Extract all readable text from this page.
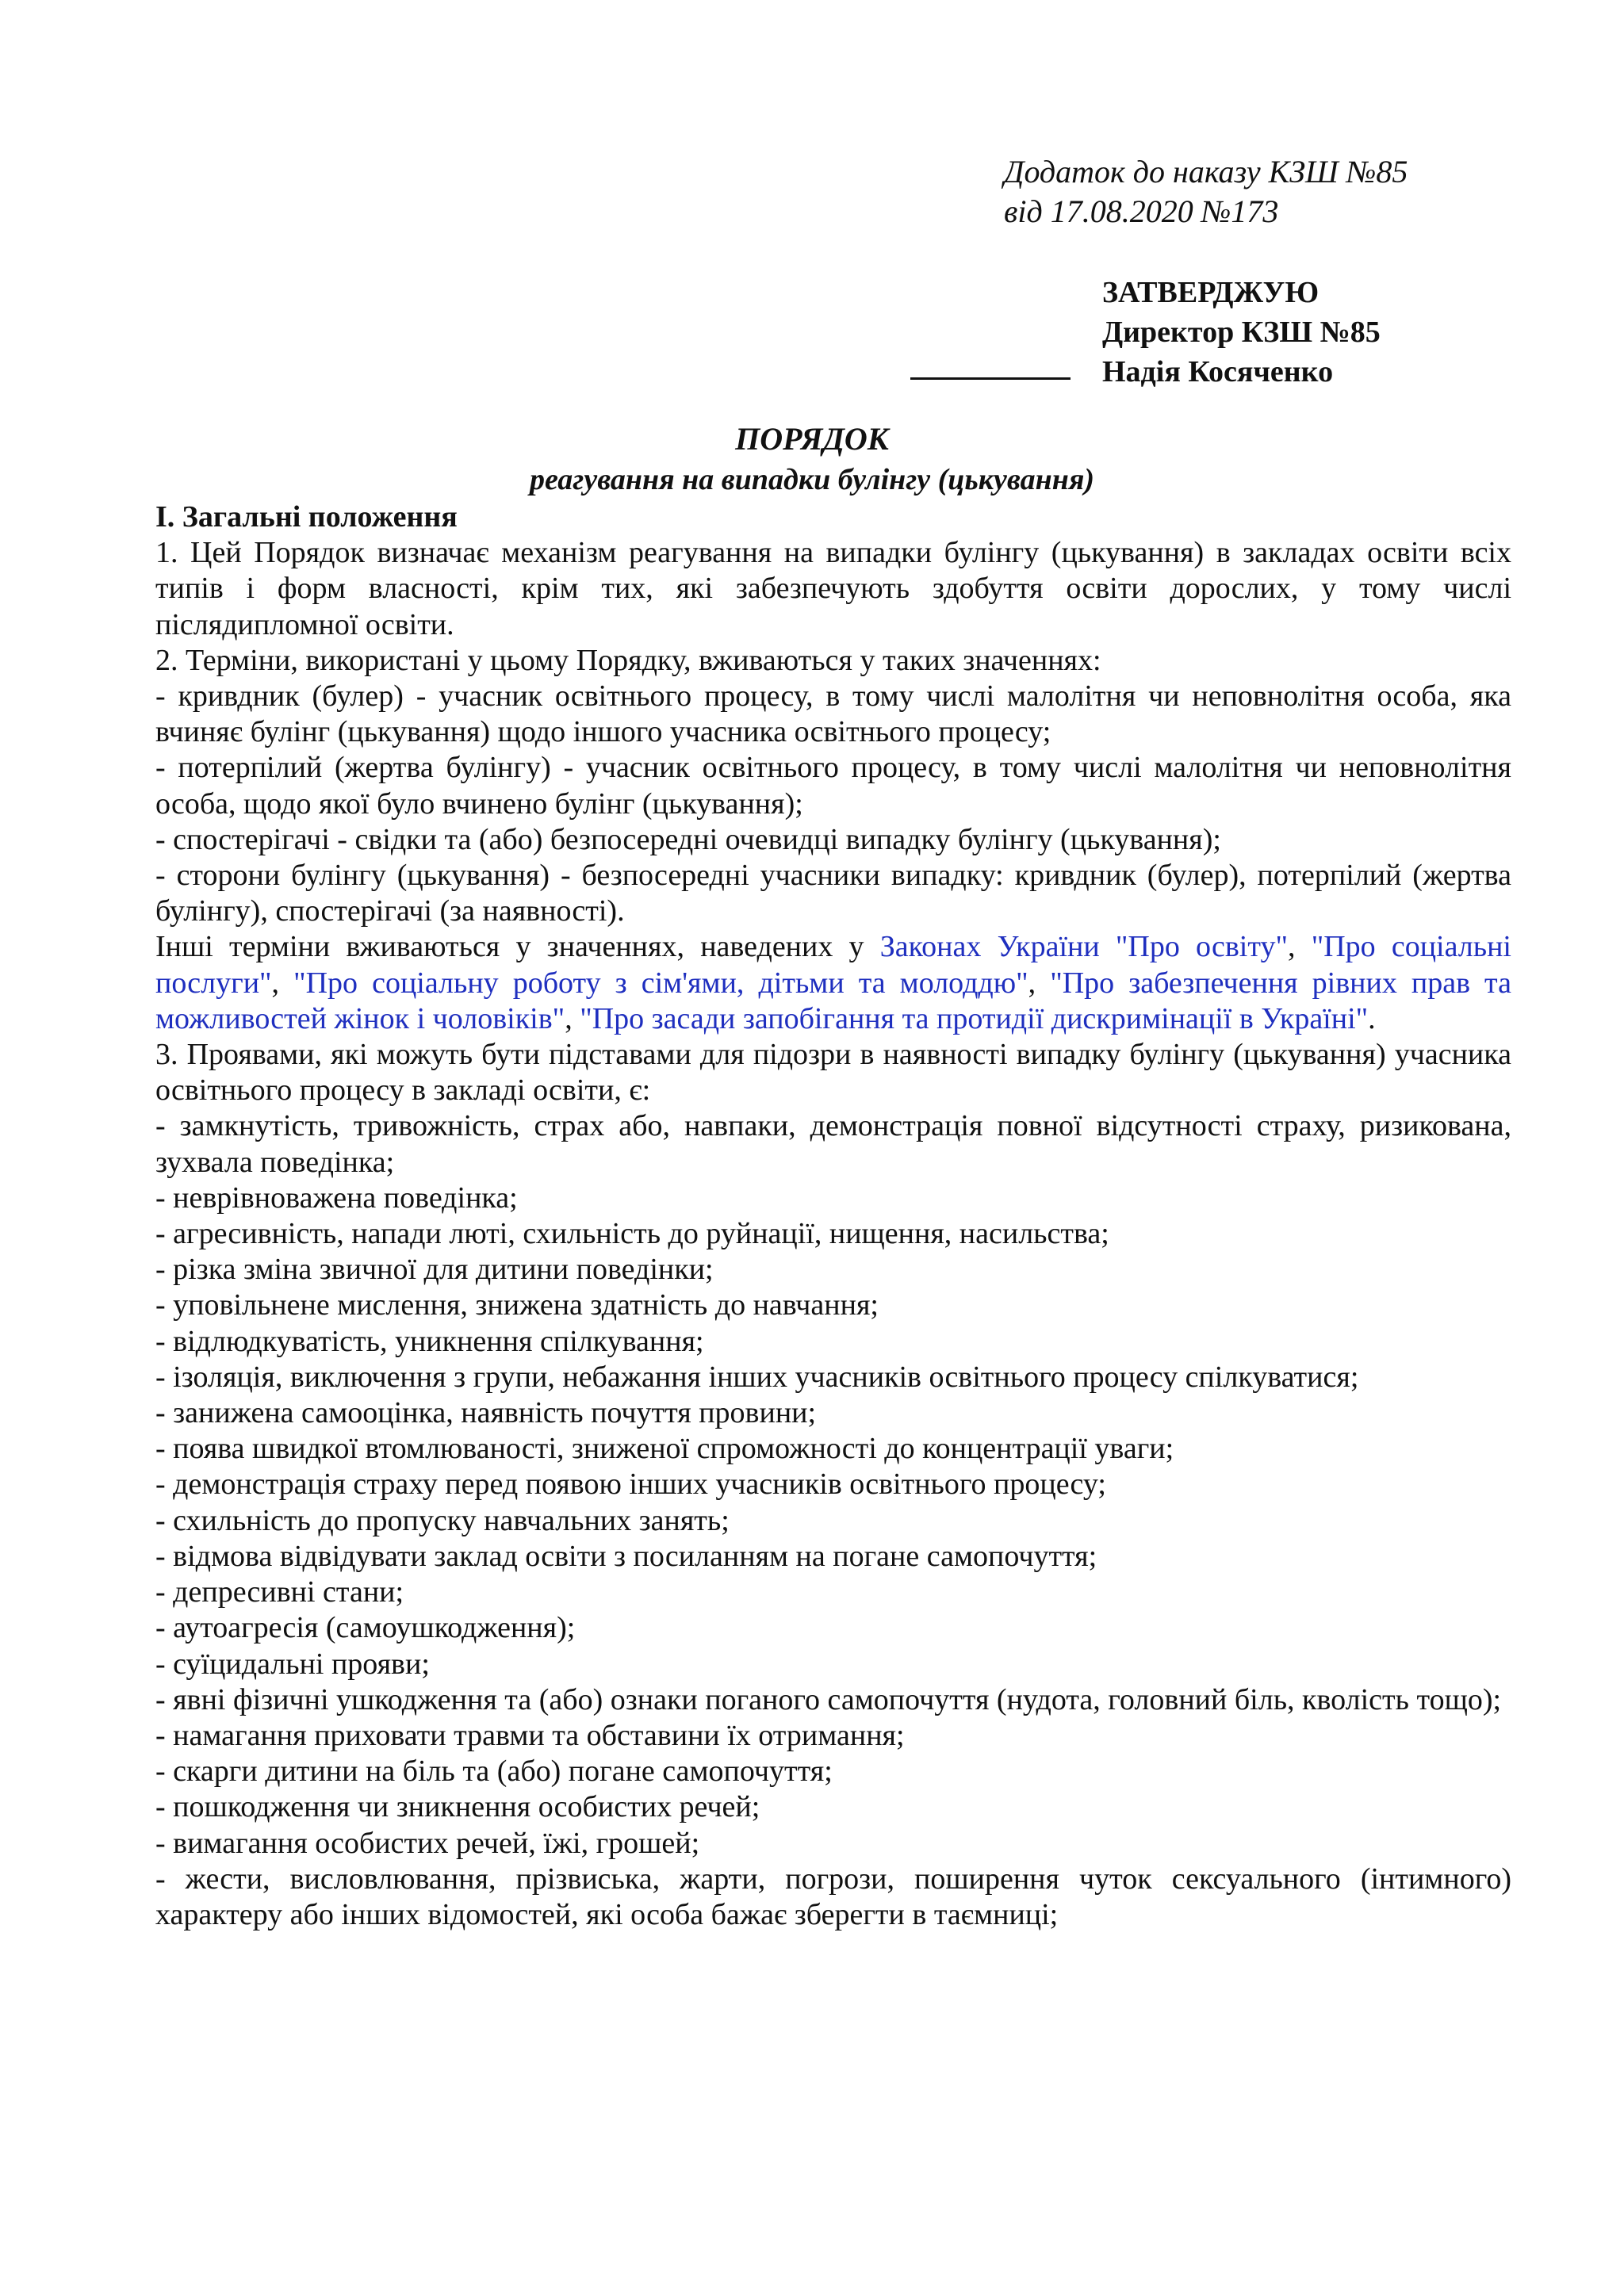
Додаток до наказу КЗШ №85
від 17.08.2020 №173
ЗАТВЕРДЖУЮ
Директор КЗШ №85
Надія Косяченко
ПОРЯДОК
реагування на випадки булінгу (цькування)

І. Загальні положення

1. Цей Порядок визначає механізм реагування на випадки булінгу (цькування) в закладах освіти всіх типів і форм власності, крім тих, які забезпечують здобуття освіти дорослих, у тому числі післядипломної освіти.

2. Терміни, використані у цьому Порядку, вживаються у таких значеннях:

- кривдник (булер) - учасник освітнього процесу, в тому числі малолітня чи неповнолітня особа, яка вчиняє булінг (цькування) щодо іншого учасника освітнього процесу;

- потерпілий (жертва булінгу) - учасник освітнього процесу, в тому числі малолітня чи неповнолітня особа, щодо якої було вчинено булінг (цькування);

- спостерігачі - свідки та (або) безпосередні очевидці випадку булінгу (цькування);

- сторони булінгу (цькування) - безпосередні учасники випадку: кривдник (булер), потерпілий (жертва булінгу), спостерігачі (за наявності).

Інші терміни вживаються у значеннях, наведених у Законах України "Про освіту", "Про соціальні послуги", "Про соціальну роботу з сім'ями, дітьми та молоддю", "Про забезпечення рівних прав та можливостей жінок і чоловіків", "Про засади запобігання та протидії дискримінації в Україні".

3. Проявами, які можуть бути підставами для підозри в наявності випадку булінгу (цькування) учасника освітнього процесу в закладі освіти, є:

- замкнутість, тривожність, страх або, навпаки, демонстрація повної відсутності страху, ризикована, зухвала поведінка;

- неврівноважена поведінка;

- агресивність, напади люті, схильність до руйнації, нищення, насильства;

- різка зміна звичної для дитини поведінки;

- уповільнене мислення, знижена здатність до навчання;

- відлюдкуватість, уникнення спілкування;

- ізоляція, виключення з групи, небажання інших учасників освітнього процесу спілкуватися;

- занижена самооцінка, наявність почуття провини;

- поява швидкої втомлюваності, зниженої спроможності до концентрації уваги;

- демонстрація страху перед появою інших учасників освітнього процесу;

- схильність до пропуску навчальних занять;

- відмова відвідувати заклад освіти з посиланням на погане самопочуття;

- депресивні стани;

- аутоагресія (самоушкодження);

- суїцидальні прояви;

- явні фізичні ушкодження та (або) ознаки поганого самопочуття (нудота, головний біль, кволість тощо);

- намагання приховати травми та обставини їх отримання;

- скарги дитини на біль та (або) погане самопочуття;

- пошкодження чи зникнення особистих речей;

- вимагання особистих речей, їжі, грошей;

- жести, висловлювання, прізвиська, жарти, погрози, поширення чуток сексуального (інтимного) характеру або інших відомостей, які особа бажає зберегти в таємниці;
